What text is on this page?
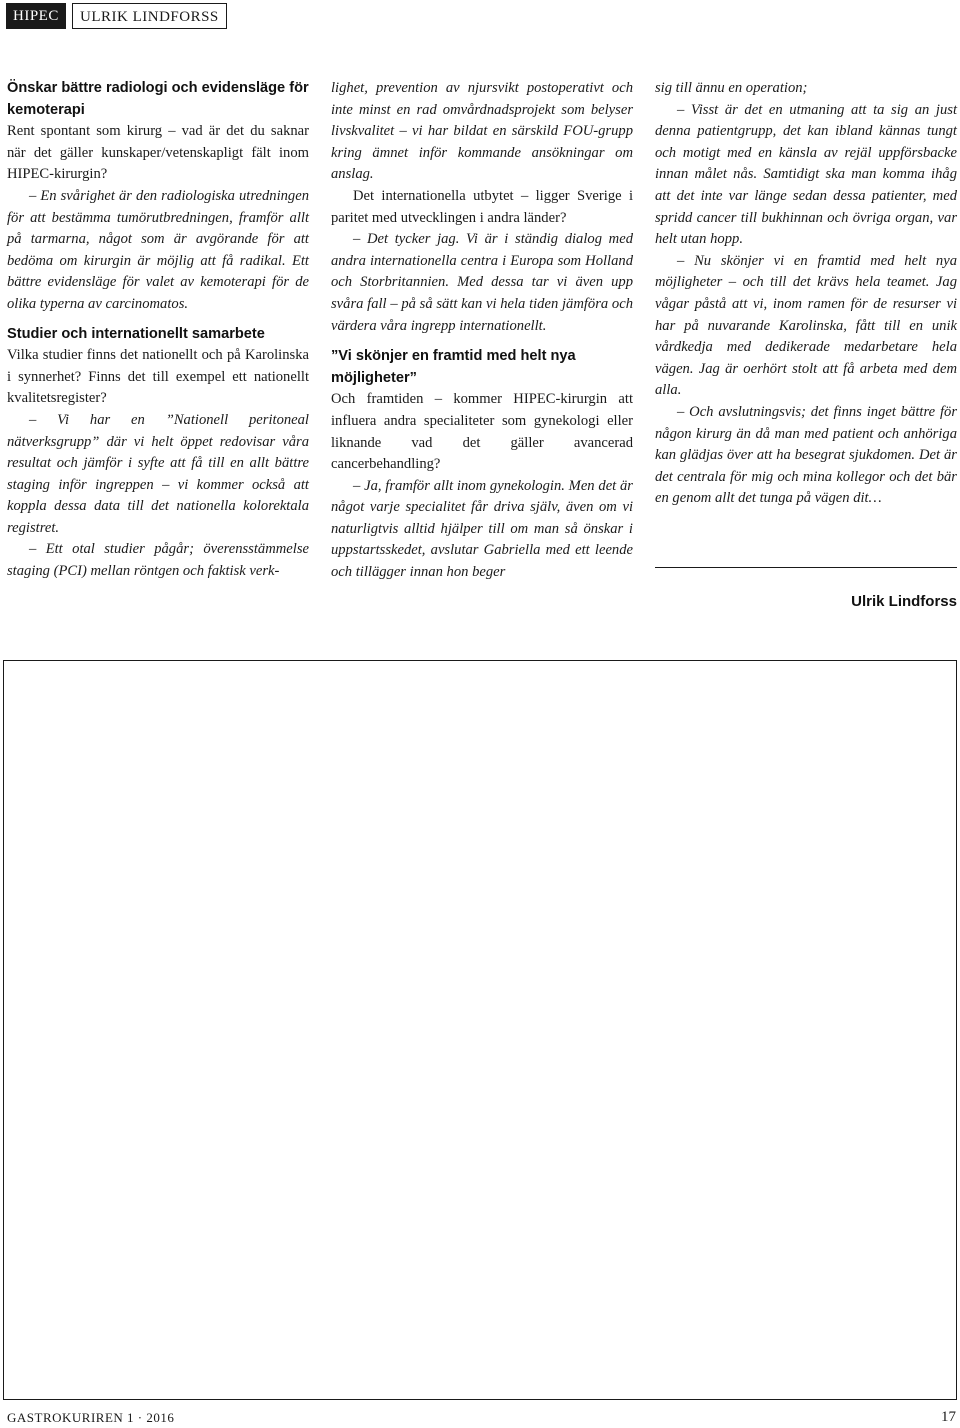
HIPEC	ULRIK LINDFORSS
Önskar bättre radiologi och evidensläge för kemoterapi

Rent spontant som kirurg – vad är det du saknar när det gäller kunskaper/vetenskapligt fält inom HIPEC-kirurgin?

– En svårighet är den radiologiska utredningen för att bestämma tumörutbredningen, framför allt på tarmarna, något som är avgörande för att bedöma om kirurgin är möjlig att få radikal. Ett bättre evidensläge för valet av kemoterapi för de olika typerna av carcinomatos.

Studier och internationellt samarbete

Vilka studier finns det nationellt och på Karolinska i synnerhet? Finns det till exempel ett nationellt kvalitetsregister?

– Vi har en ”Nationell peritoneal nätverksgrupp” där vi helt öppet redovisar våra resultat och jämför i syfte att få till en allt bättre staging inför ingreppen – vi kommer också att koppla dessa data till det nationella kolorektala registret.

– Ett otal studier pågår; överensstämmelse staging (PCI) mellan röntgen och faktisk verk-

lighet, prevention av njursvikt postoperativt och inte minst en rad omvårdnadsprojekt som belyser livskvalitet – vi har bildat en särskild FOU-grupp kring ämnet inför kommande ansökningar om anslag.

Det internationella utbytet – ligger Sverige i paritet med utvecklingen i andra länder?

– Det tycker jag. Vi är i ständig dialog med andra internationella centra i Europa som Holland och Storbritannien. Med dessa tar vi även upp svåra fall – på så sätt kan vi hela tiden jämföra och värdera våra ingrepp internationellt.

”Vi skönjer en framtid med helt nya möjligheter”

Och framtiden – kommer HIPEC-kirurgin att influera andra specialiteter som gynekologi eller liknande vad det gäller avancerad cancerbehandling?

– Ja, framför allt inom gynekologin. Men det är något varje specialitet får driva själv, även om vi naturligtvis alltid hjälper till om man så önskar i uppstartsskedet, avslutar Gabriella med ett leende och tillägger innan hon beger

sig till ännu en operation;

– Visst är det en utmaning att ta sig an just denna patientgrupp, det kan ibland kännas tungt och motigt med en känsla av rejäl uppförsbacke innan målet nås. Samtidigt ska man komma ihåg att det inte var länge sedan dessa patienter, med spridd cancer till bukhinnan och övriga organ, var helt utan hopp.

– Nu skönjer vi en framtid med helt nya möjligheter – och till det krävs hela teamet. Jag vågar påstå att vi, inom ramen för de resurser vi har på nuvarande Karolinska, fått till en unik vårdkedja med dedikerade medarbetare hela vägen. Jag är oerhört stolt att få arbeta med dem alla.

– Och avslutningsvis; det finns inget bättre för någon kirurg än då man med patient och anhöriga kan glädjas över att ha besegrat sjukdomen. Det är det centrala för mig och mina kollegor och det bär en genom allt det tunga på vägen dit…

Ulrik Lindforss
GASTROKURIREN 1 · 2016	17
